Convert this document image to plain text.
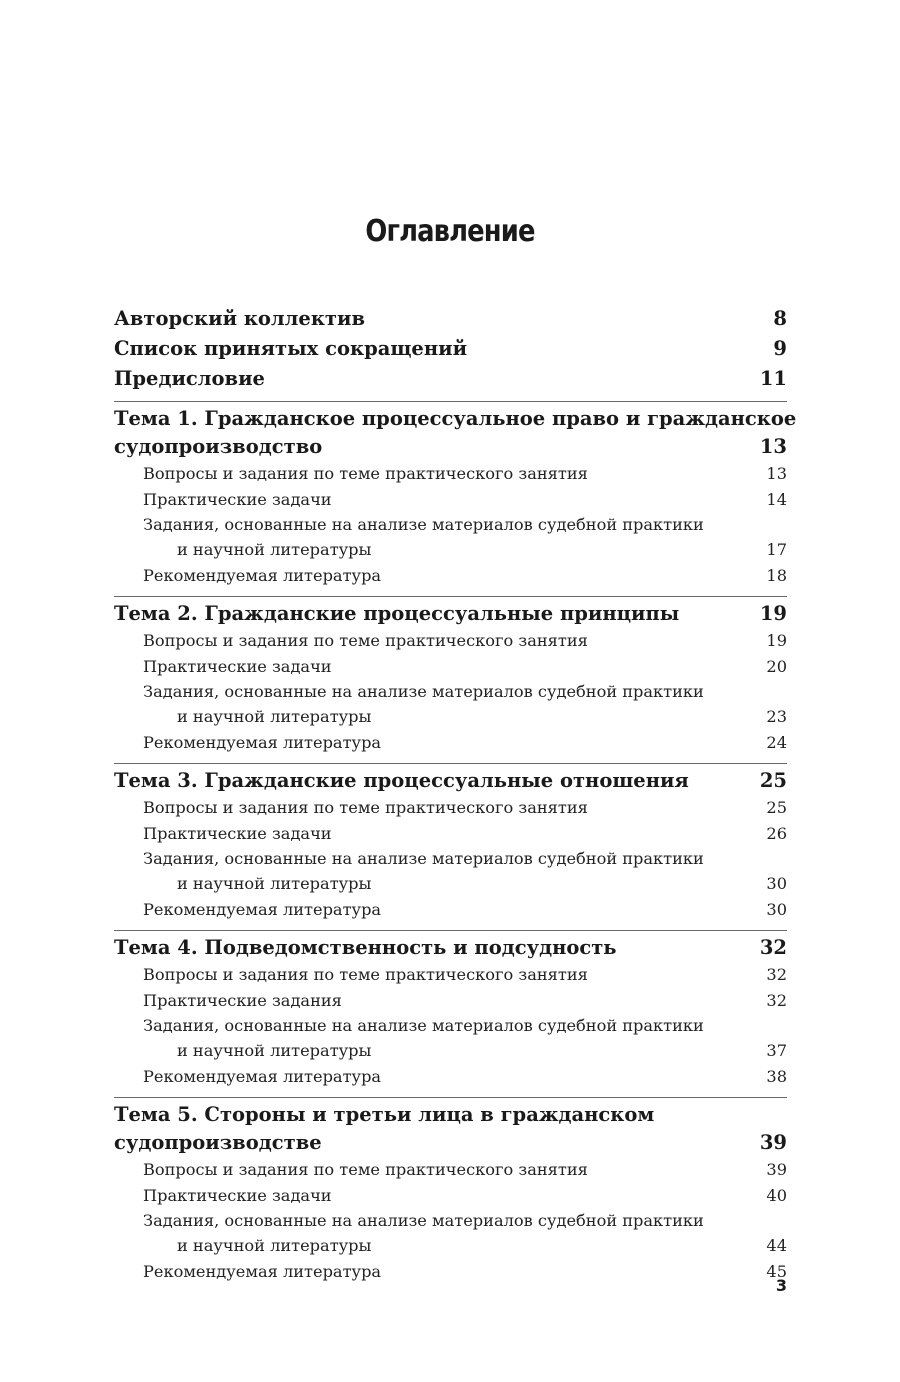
Оглавление
Авторский коллектив	8
Список принятых сокращений	9
Предисловие	11
Тема 1. Гражданское процессуальное право и гражданское
судопроизводство	13
Вопросы и задания по теме практического занятия	13
Практические задачи	14
Задания, основанные на анализе материалов судебной практики
и научной литературы	17
Рекомендуемая литература	18
Тема 2. Гражданские процессуальные принципы	19
Вопросы и задания по теме практического занятия	19
Практические задачи	20
Задания, основанные на анализе материалов судебной практики
и научной литературы	23
Рекомендуемая литература	24
Тема 3. Гражданские процессуальные отношения	25
Вопросы и задания по теме практического занятия	25
Практические задачи	26
Задания, основанные на анализе материалов судебной практики
и научной литературы	30
Рекомендуемая литература	30
Тема 4. Подведомственность и подсудность	32
Вопросы и задания по теме практического занятия	32
Практические задания	32
Задания, основанные на анализе материалов судебной практики
и научной литературы	37
Рекомендуемая литература	38
Тема 5. Стороны и третьи лица в гражданском
судопроизводстве	39
Вопросы и задания по теме практического занятия	39
Практические задачи	40
Задания, основанные на анализе материалов судебной практики
и научной литературы	44
Рекомендуемая литература	45
3
